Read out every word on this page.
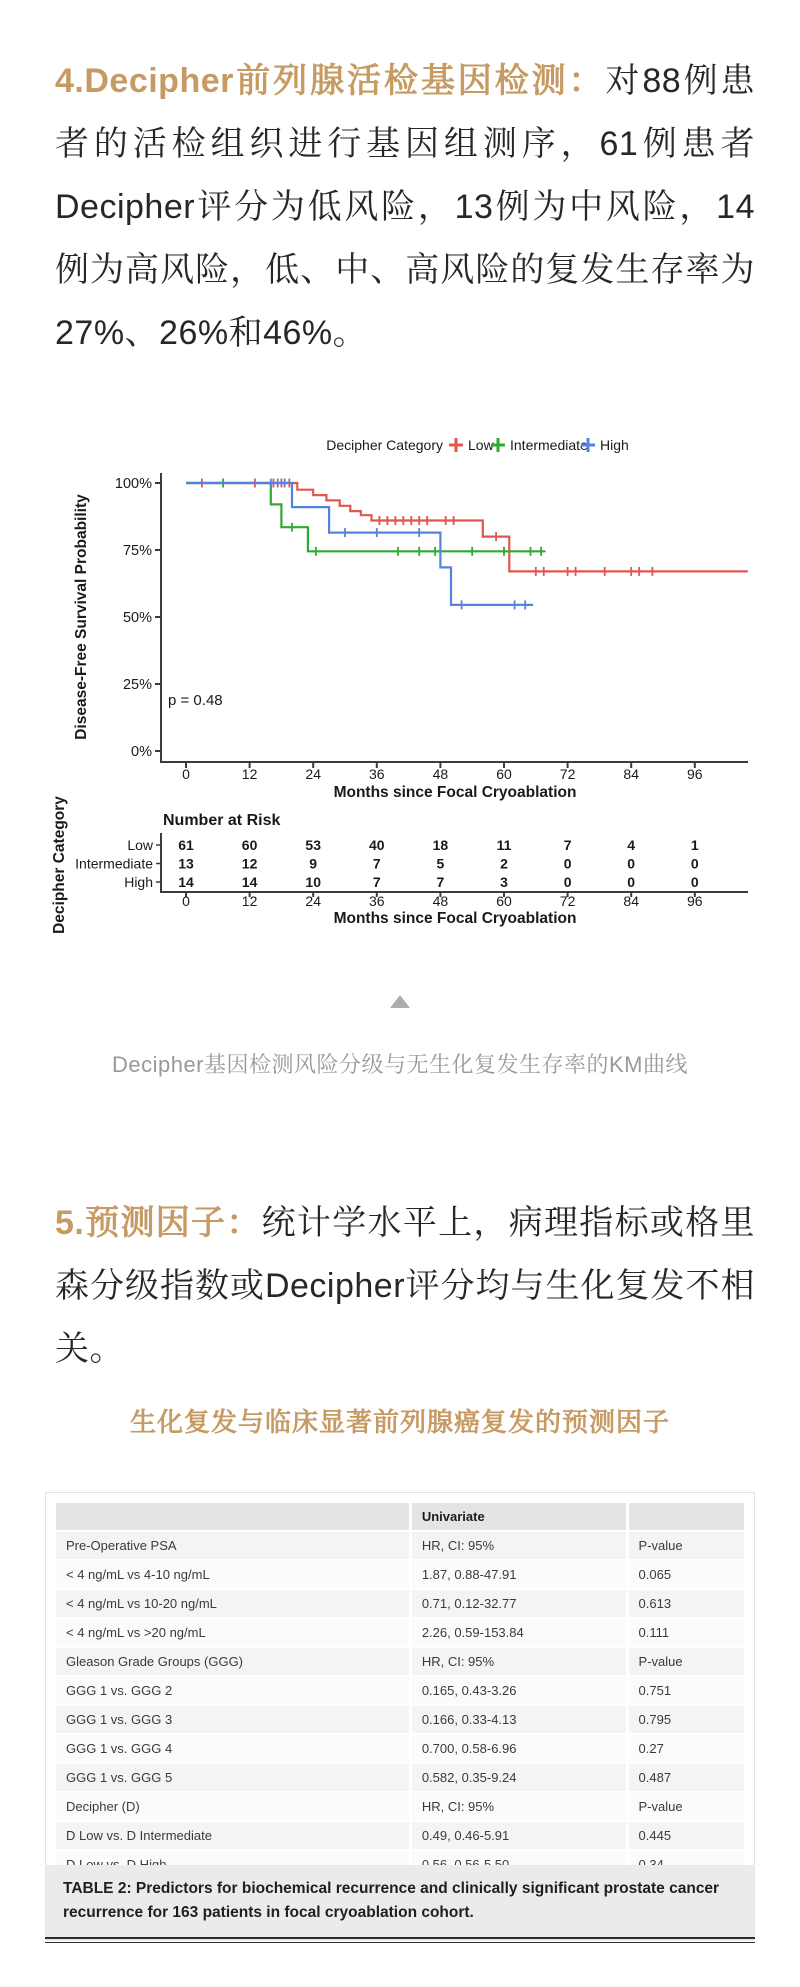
4.Decipher前列腺活检基因检测：对88例患者的活检组织进行基因组测序，61例患者Decipher评分为低风险，13例为中风险，14例为高风险，低、中、高风险的复发生存率为27%、26%和46%。

Decipher Category Low Intermediate High
100%
75%
50%
25%
0%
0	12	24	36	48	60	72	84	96
Months since Focal Cryoablation
Disease-Free Survival Probability	p = 0.48
Number at Risk
Low 61	60	53	40	18	11	7	4	1
Intermediate 13	12	9	7	5	2	0	0	0
High 14	14	10	7	7	3	0	0	0
0	12	24	36	48	60	72	84	96
Months since Focal Cryoablation
Decipher Category
Decipher基因检测风险分级与无生化复发生存率的KM曲线

5.预测因子：统计学水平上，病理指标或格里森分级指数或Decipher评分均与生化复发不相关。

生化复发与临床显著前列腺癌复发的预测因子
	Univariate	
Pre-Operative PSA	HR, CI: 95%	P-value
< 4 ng/mL vs 4-10 ng/mL	1.87, 0.88-47.91	0.065
< 4 ng/mL vs 10-20 ng/mL	0.71, 0.12-32.77	0.613
< 4 ng/mL vs >20 ng/mL	2.26, 0.59-153.84	0.111
Gleason Grade Groups (GGG)	HR, CI: 95%	P-value
GGG 1 vs. GGG 2	0.165, 0.43-3.26	0.751
GGG 1 vs. GGG 3	0.166, 0.33-4.13	0.795
GGG 1 vs. GGG 4	0.700, 0.58-6.96	0.27
GGG 1 vs. GGG 5	0.582, 0.35-9.24	0.487
Decipher (D)	HR, CI: 95%	P-value
D Low vs. D Intermediate	0.49, 0.46-5.91	0.445

TABLE 2: Predictors for biochemical recurrence and clinically significant prostate cancer recurrence for 163 patients in focal cryoablation cohort.
